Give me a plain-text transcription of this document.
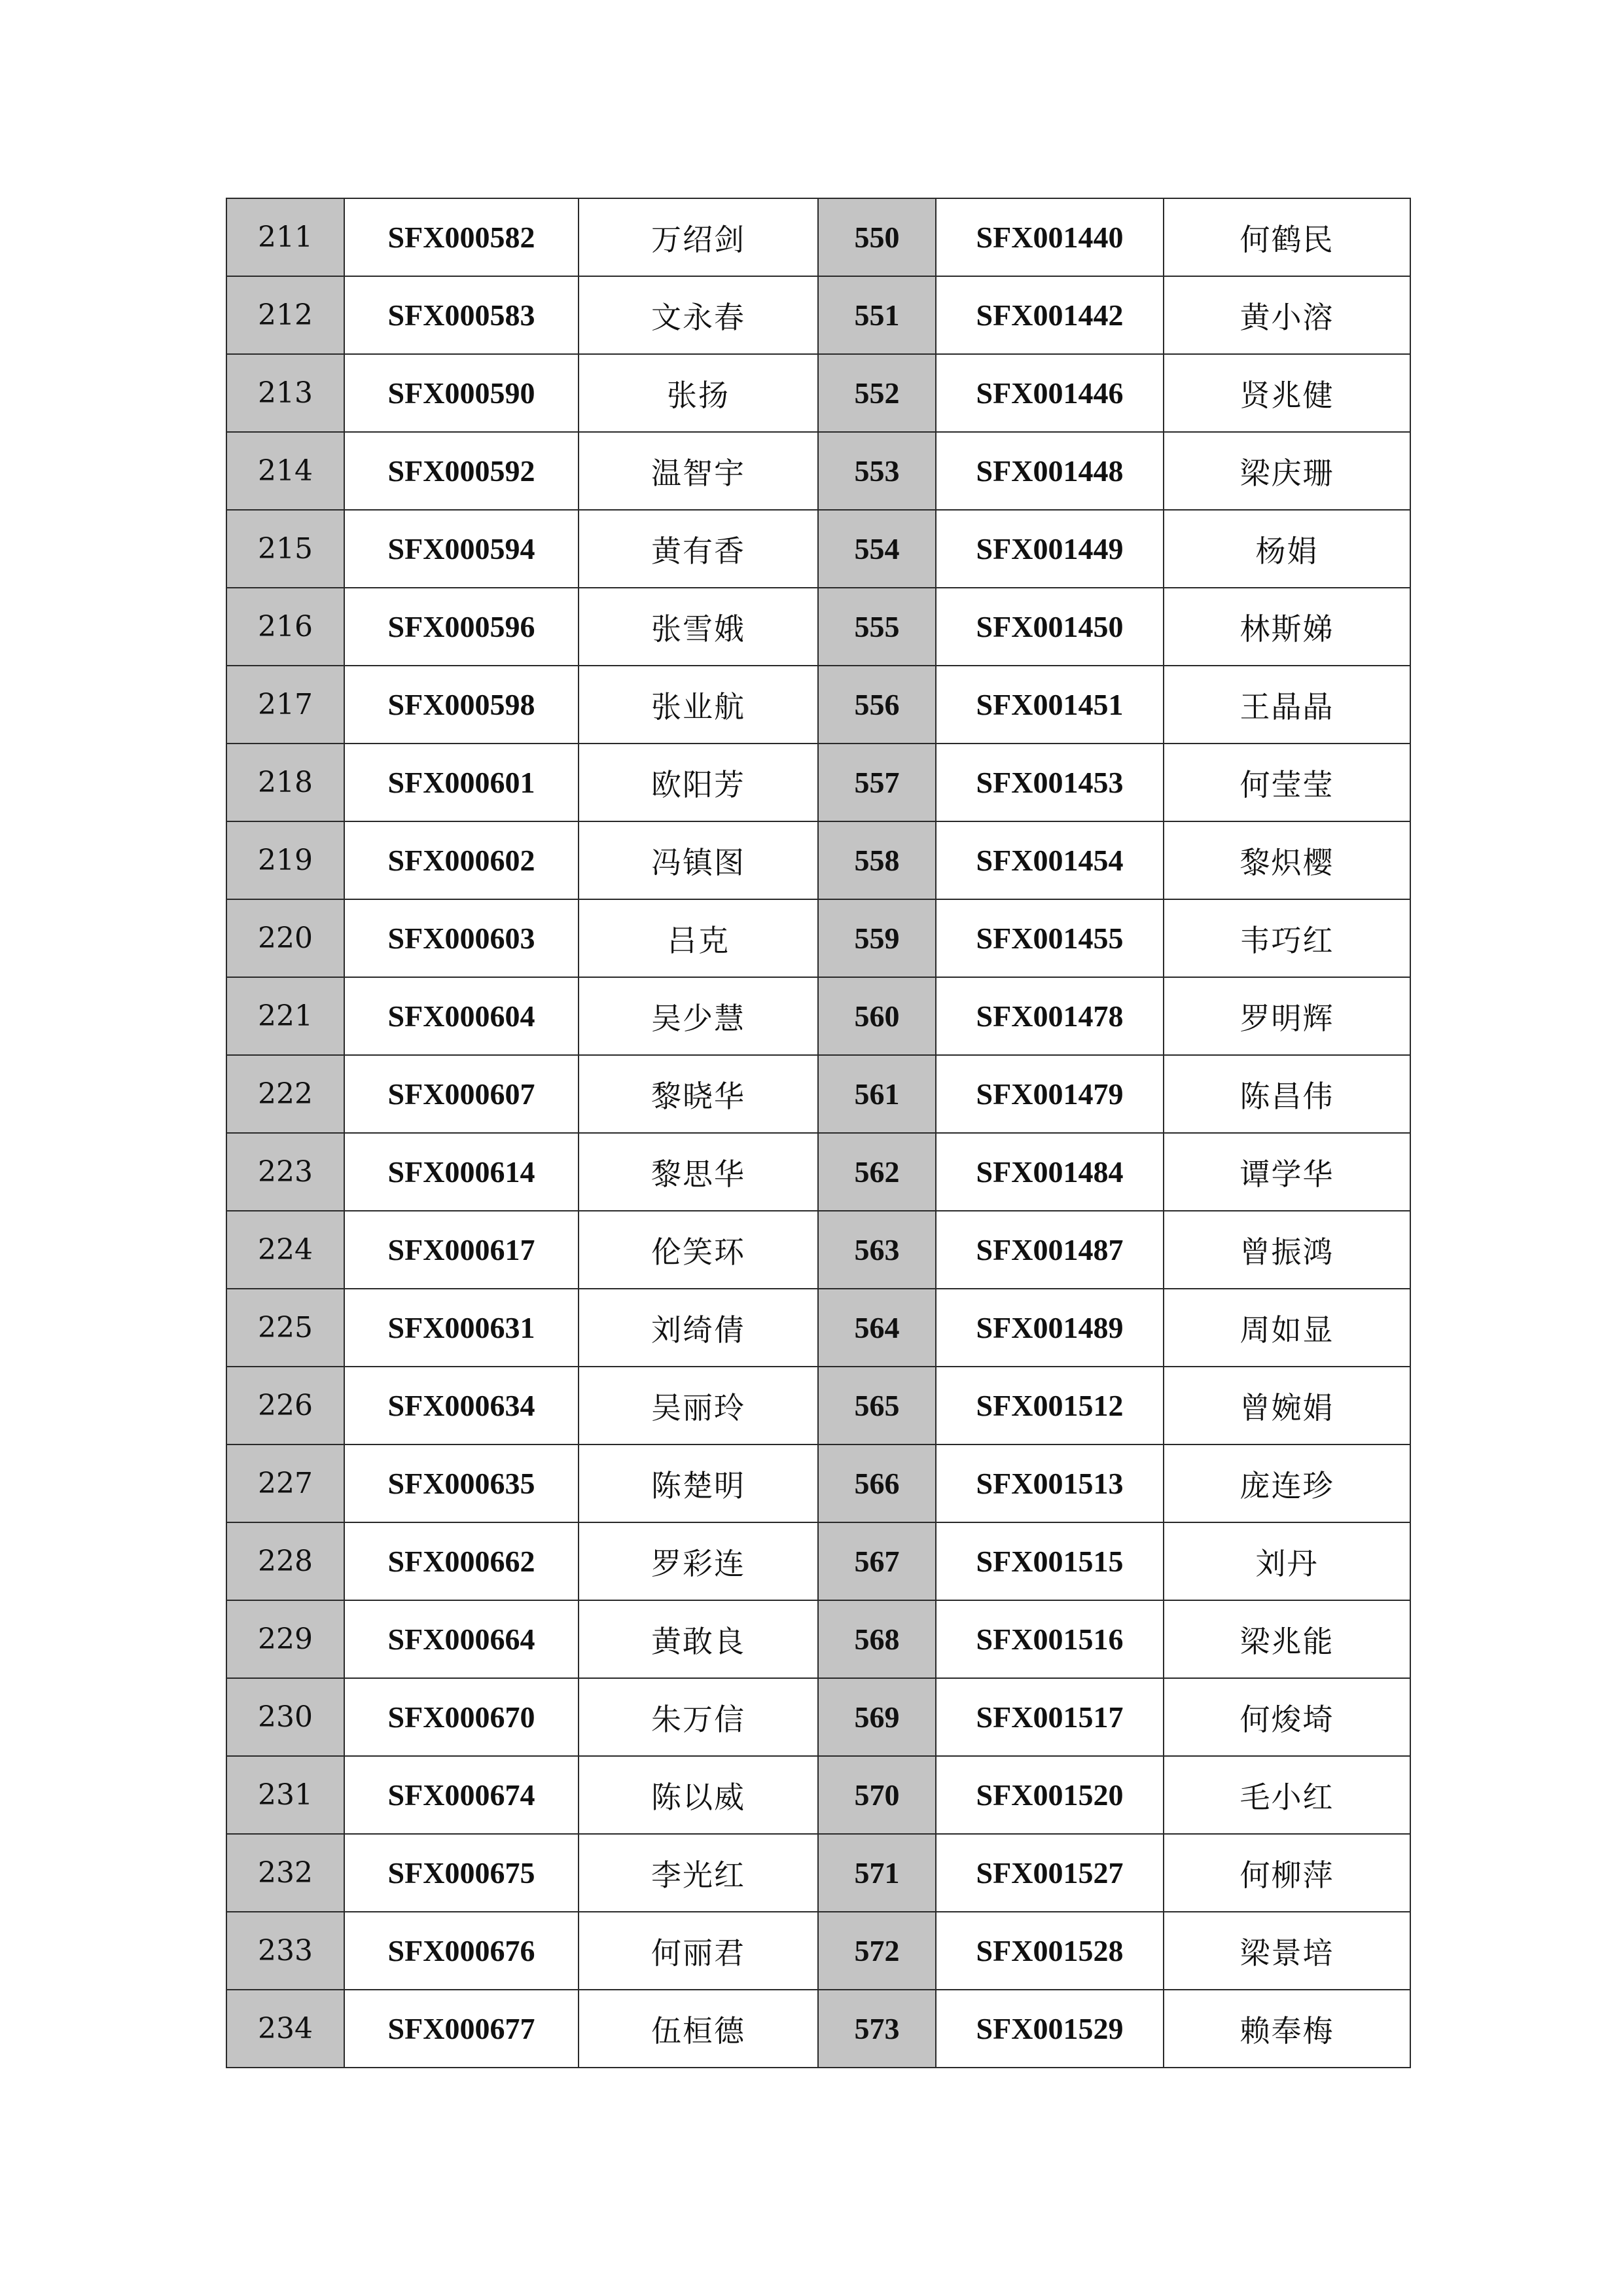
211	SFX000582	万绍剑	550	SFX001440	何鹤民
212	SFX000583	文永春	551	SFX001442	黄小溶
213	SFX000590	张扬	552	SFX001446	贤兆健
214	SFX000592	温智宇	553	SFX001448	梁庆珊
215	SFX000594	黄有香	554	SFX001449	杨娟
216	SFX000596	张雪娥	555	SFX001450	林斯娣
217	SFX000598	张业航	556	SFX001451	王晶晶
218	SFX000601	欧阳芳	557	SFX001453	何莹莹
219	SFX000602	冯镇图	558	SFX001454	黎炽樱
220	SFX000603	吕克	559	SFX001455	韦巧红
221	SFX000604	吴少慧	560	SFX001478	罗明辉
222	SFX000607	黎晓华	561	SFX001479	陈昌伟
223	SFX000614	黎思华	562	SFX001484	谭学华
224	SFX000617	伦笑环	563	SFX001487	曾振鸿
225	SFX000631	刘绮倩	564	SFX001489	周如显
226	SFX000634	吴丽玲	565	SFX001512	曾婉娟
227	SFX000635	陈楚明	566	SFX001513	庞连珍
228	SFX000662	罗彩连	567	SFX001515	刘丹
229	SFX000664	黄敢良	568	SFX001516	梁兆能
230	SFX000670	朱万信	569	SFX001517	何焌埼
231	SFX000674	陈以威	570	SFX001520	毛小红
232	SFX000675	李光红	571	SFX001527	何柳萍
233	SFX000676	何丽君	572	SFX001528	梁景培
234	SFX000677	伍桓德	573	SFX001529	赖奉梅
